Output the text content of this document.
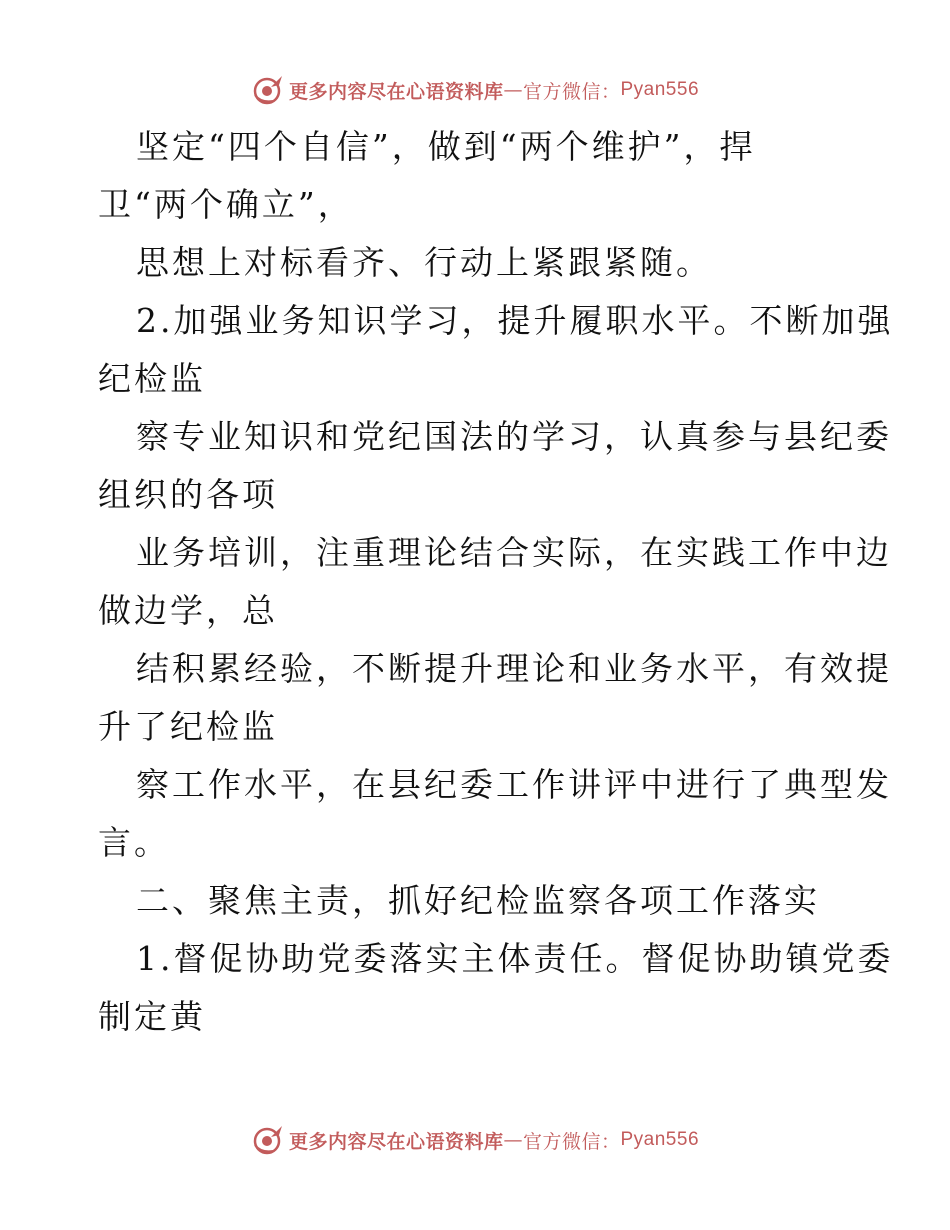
更多内容尽在心语资料库 — 官方微信： Pyan556
坚定“四个自信”，做到“两个维护”，捍
卫“两个确立”，
思想上对标看齐、行动上紧跟紧随。
2.加强业务知识学习，提升履职水平。不断加强
纪检监
察专业知识和党纪国法的学习，认真参与县纪委
组织的各项
业务培训，注重理论结合实际，在实践工作中边
做边学，总
结积累经验，不断提升理论和业务水平，有效提
升了纪检监
察工作水平，在县纪委工作讲评中进行了典型发
言。
二、聚焦主责，抓好纪检监察各项工作落实
1.督促协助党委落实主体责任。督促协助镇党委
制定黄
更多内容尽在心语资料库 — 官方微信： Pyan556
